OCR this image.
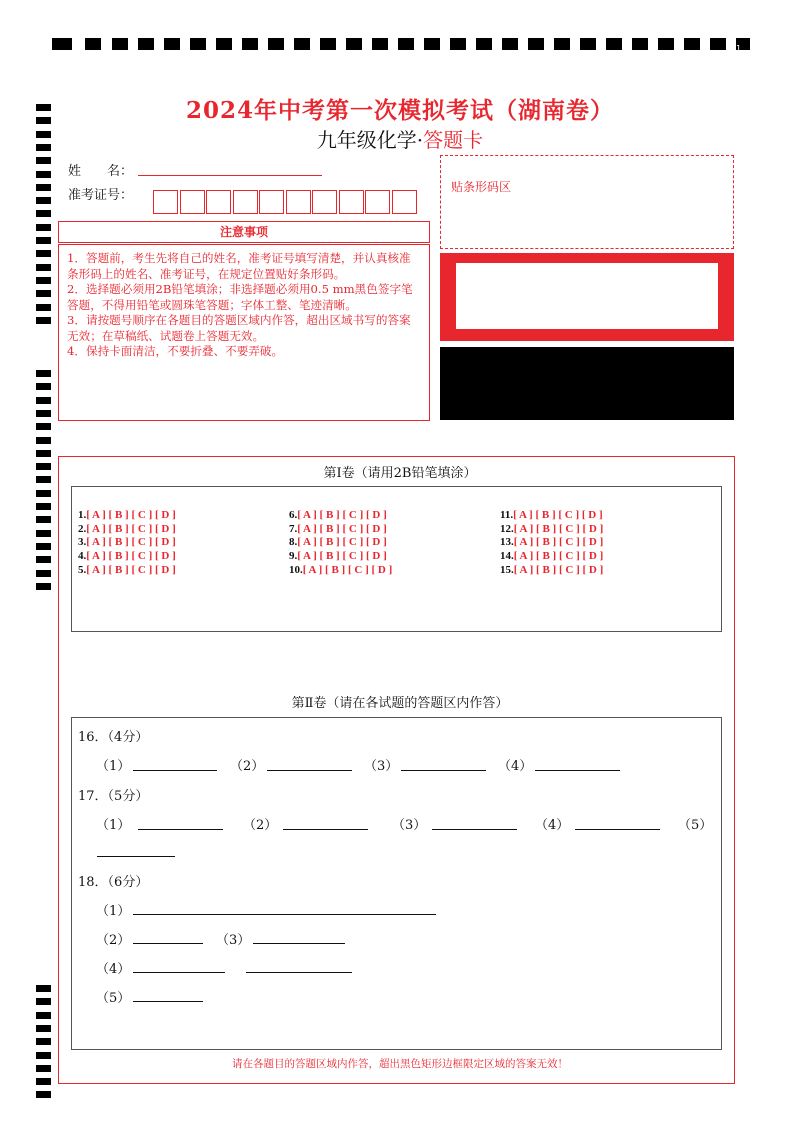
1
2024年中考第一次模拟考试（湖南卷）
九年级化学·答题卡
姓　　名：
准考证号：
贴条形码区
注意事项

1．答题前，考生先将自己的姓名，准考证号填写清楚，并认真核准条形码上的姓名、准考证号，在规定位置贴好条形码。

2．选择题必须用2B铅笔填涂；非选择题必须用0.5 mm黑色签字笔答题，不得用铅笔或圆珠笔答题；字体工整、笔迹清晰。

3．请按题号顺序在各题目的答题区域内作答，超出区域书写的答案无效；在草稿纸、试题卷上答题无效。

4．保持卡面清洁，不要折叠、不要弄破。

第Ⅰ卷（请用2B铅笔填涂）
1.[ A ] [ B ] [ C ] [ D ]
2.[ A ] [ B ] [ C ] [ D ]
3.[ A ] [ B ] [ C ] [ D ]
4.[ A ] [ B ] [ C ] [ D ]
5.[ A ] [ B ] [ C ] [ D ]
6.[ A ] [ B ] [ C ] [ D ]
7.[ A ] [ B ] [ C ] [ D ]
8.[ A ] [ B ] [ C ] [ D ]
9.[ A ] [ B ] [ C ] [ D ]
10.[ A ] [ B ] [ C ] [ D ]
11.[ A ] [ B ] [ C ] [ D ]
12.[ A ] [ B ] [ C ] [ D ]
13.[ A ] [ B ] [ C ] [ D ]
14.[ A ] [ B ] [ C ] [ D ]
15.[ A ] [ B ] [ C ] [ D ]
第Ⅱ卷（请在各试题的答题区内作答）
16．（4分）
（1）	（2）	（3）	（4）
17．（5分）
（1）	（2）	（3）	（4）	（5）
18．（6分）
（1）
（2）	（3）
（4）
（5）
请在各题目的答题区域内作答，超出黑色矩形边框限定区域的答案无效！
